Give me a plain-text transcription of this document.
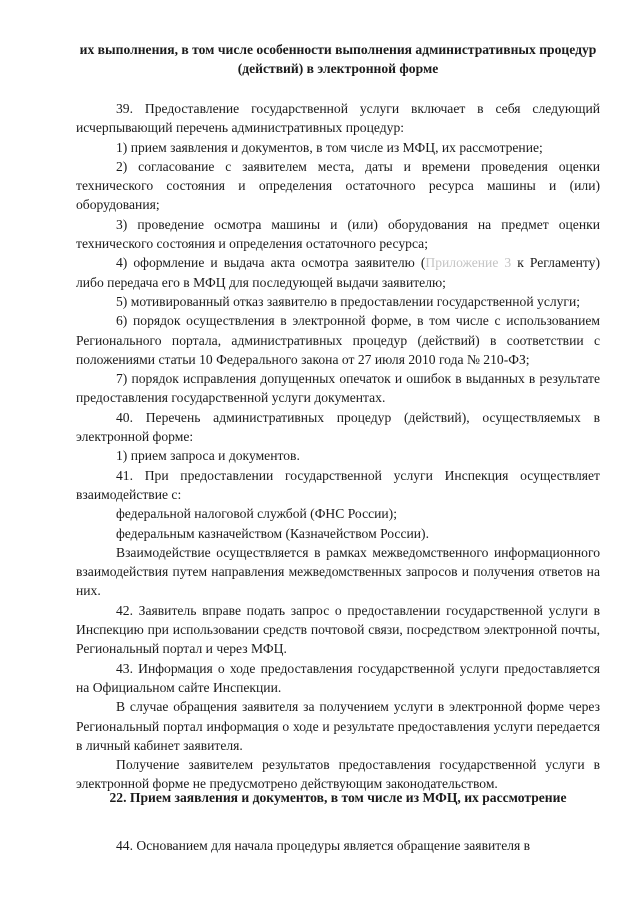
их выполнения, в том числе особенности выполнения административных процедур (действий) в электронной форме

39. Предоставление государственной услуги включает в себя следующий исчерпывающий перечень административных процедур:

1) прием заявления и документов, в том числе из МФЦ, их рассмотрение;

2) согласование с заявителем места, даты и времени проведения оценки технического состояния и определения остаточного ресурса машины и (или) оборудования;

3) проведение осмотра машины и (или) оборудования на предмет оценки технического состояния и определения остаточного ресурса;

4) оформление и выдача акта осмотра заявителю (Приложение 3 к Регламенту) либо передача его в МФЦ для последующей выдачи заявителю;

5) мотивированный отказ заявителю в предоставлении государственной услуги;

6) порядок осуществления в электронной форме, в том числе с использованием Регионального портала, административных процедур (действий) в соответствии с положениями статьи 10 Федерального закона от 27 июля 2010 года № 210-ФЗ;

7) порядок исправления допущенных опечаток и ошибок в выданных в результате предоставления государственной услуги документах.

40. Перечень административных процедур (действий), осуществляемых в электронной форме:

1) прием запроса и документов.

41. При предоставлении государственной услуги Инспекция осуществляет взаимодействие с:

федеральной налоговой службой (ФНС России);

федеральным казначейством (Казначейством России).

Взаимодействие осуществляется в рамках межведомственного информационного взаимодействия путем направления межведомственных запросов и получения ответов на них.

42. Заявитель вправе подать запрос о предоставлении государственной услуги в Инспекцию при использовании средств почтовой связи, посредством электронной почты, Региональный портал и через МФЦ.

43. Информация о ходе предоставления государственной услуги предоставляется на Официальном сайте Инспекции.

В случае обращения заявителя за получением услуги в электронной форме через Региональный портал информация о ходе и результате предоставления услуги передается в личный кабинет заявителя.

Получение заявителем результатов предоставления государственной услуги в электронной форме не предусмотрено действующим законодательством.

22. Прием заявления и документов, в том числе из МФЦ, их рассмотрение

44. Основанием для начала процедуры является обращение заявителя в
